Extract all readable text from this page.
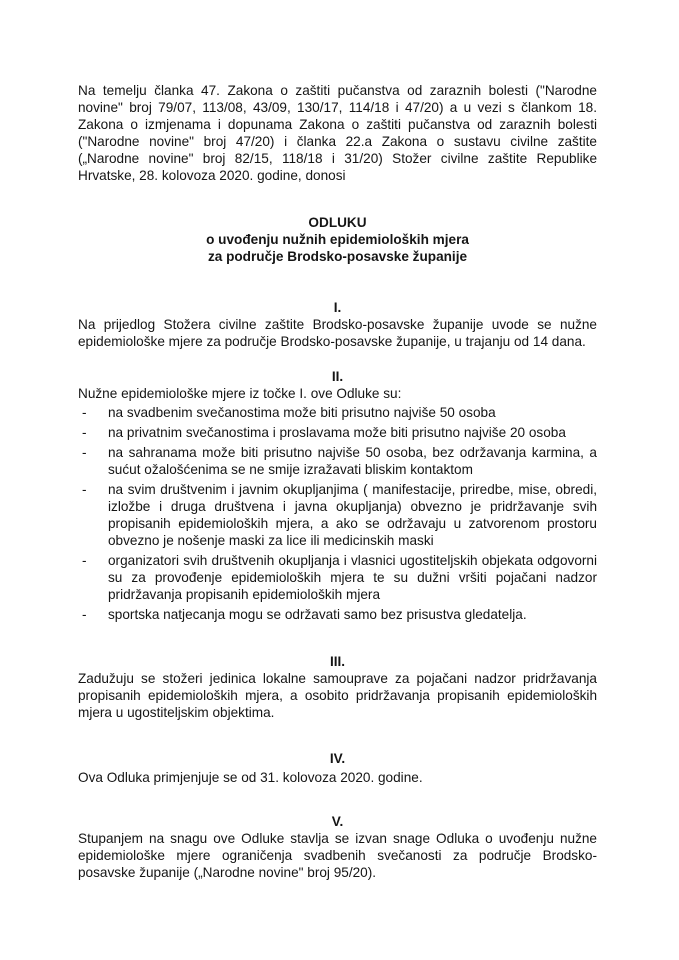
Na temelju članka 47. Zakona o zaštiti pučanstva od zaraznih bolesti ("Narodne novine" broj 79/07, 113/08, 43/09, 130/17, 114/18 i 47/20) a u vezi s člankom 18. Zakona o izmjenama i dopunama Zakona o zaštiti pučanstva od zaraznih bolesti ("Narodne novine" broj 47/20) i članka 22.a Zakona o sustavu civilne zaštite („Narodne novine" broj 82/15, 118/18 i 31/20) Stožer civilne zaštite Republike Hrvatske, 28. kolovoza 2020. godine, donosi

ODLUKU
o uvođenju nužnih epidemioloških mjera
za područje Brodsko-posavske županije

I.

Na prijedlog Stožera civilne zaštite Brodsko-posavske županije uvode se nužne epidemiološke mjere za područje Brodsko-posavske županije, u trajanju od 14 dana.

II.

Nužne epidemiološke mjere iz točke I. ove Odluke su:

- na svadbenim svečanostima može biti prisutno najviše 50 osoba
- na privatnim svečanostima i proslavama može biti prisutno najviše 20 osoba
- na sahranama može biti prisutno najviše 50 osoba, bez održavanja karmina, a sućut ožalošćenima se ne smije izražavati bliskim kontaktom
- na svim društvenim i javnim okupljanjima ( manifestacije, priredbe, mise, obredi, izložbe i druga društvena i javna okupljanja) obvezno je pridržavanje svih propisanih epidemioloških mjera, a ako se održavaju u zatvorenom prostoru obvezno je nošenje maski za lice ili medicinskih maski
- organizatori svih društvenih okupljanja i vlasnici ugostiteljskih objekata odgovorni su za provođenje epidemioloških mjera te su dužni vršiti pojačani nadzor pridržavanja propisanih epidemioloških mjera
- sportska natjecanja mogu se održavati samo bez prisustva gledatelja.

III.

Zadužuju se stožeri jedinica lokalne samouprave za pojačani nadzor pridržavanja propisanih epidemioloških mjera, a osobito pridržavanja propisanih epidemioloških mjera u ugostiteljskim objektima.

IV.

Ova Odluka primjenjuje se od 31. kolovoza 2020. godine.

V.

Stupanjem na snagu ove Odluke stavlja se izvan snage Odluka o uvođenju nužne epidemiološke mjere ograničenja svadbenih svečanosti za područje Brodsko-posavske županije („Narodne novine" broj 95/20).
